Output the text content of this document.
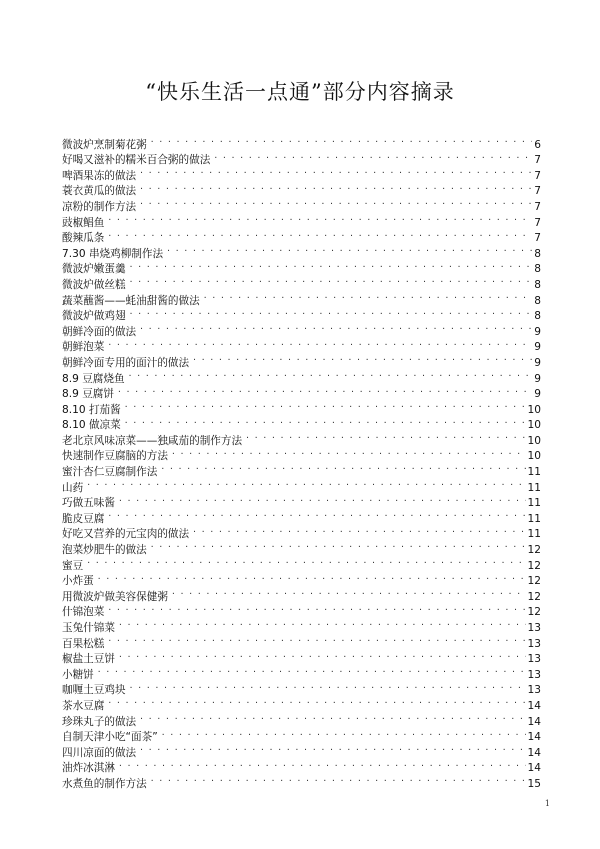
“快乐生活一点通”部分内容摘录
微波炉烹制菊花粥 . . .	6
好喝又滋补的糯米百合粥的做法 . . .	7
啤酒果冻的做法 . . .	7
蓑衣黄瓜的做法 . . .	7
凉粉的制作方法 . . .	7
豉椒鲳鱼 . . .	7
酸辣瓜条 . . .	7
7.30 串烧鸡柳制作法 . . .	8
微波炉嫩蛋羹 . . .	8
微波炉做丝糕 . . .	8
蔬菜蘸酱——蚝油甜酱的做法 . . .	8
微波炉做鸡翅 . . .	8
朝鲜冷面的做法 . . .	9
朝鲜泡菜 . . .	9
朝鲜冷面专用的面汁的做法 . . .	9
8.9 豆腐烧鱼 . . .	9
8.9 豆腐饼 . . .	9
8.10 打茄酱 . . .	10
8.10 做凉菜 . . .	10
老北京风味凉菜——独咸茄的制作方法 . . .	10
快速制作豆腐脑的方法 . . .	10
蜜汁杏仁豆腐制作法 . . .	11
山药 . . .	11
巧做五味酱 . . .	11
脆皮豆腐 . . .	11
好吃又营养的元宝肉的做法 . . .	11
泡菜炒肥牛的做法 . . .	12
蜜豆 . . .	12
小炸蛋 . . .	12
用微波炉做美容保健粥 . . .	12
什锦泡菜 . . .	12
玉兔什锦菜 . . .	13
百果松糕 . . .	13
椒盐土豆饼 . . .	13
小糖饼 . . .	13
咖喱土豆鸡块 . . .	13
茶水豆腐 . . .	14
珍珠丸子的做法 . . .	14
自制天津小吃“面茶” . . .	14
四川凉面的做法 . . .	14
油炸冰淇淋 . . .	14
水煮鱼的制作方法 . . .	15
1
